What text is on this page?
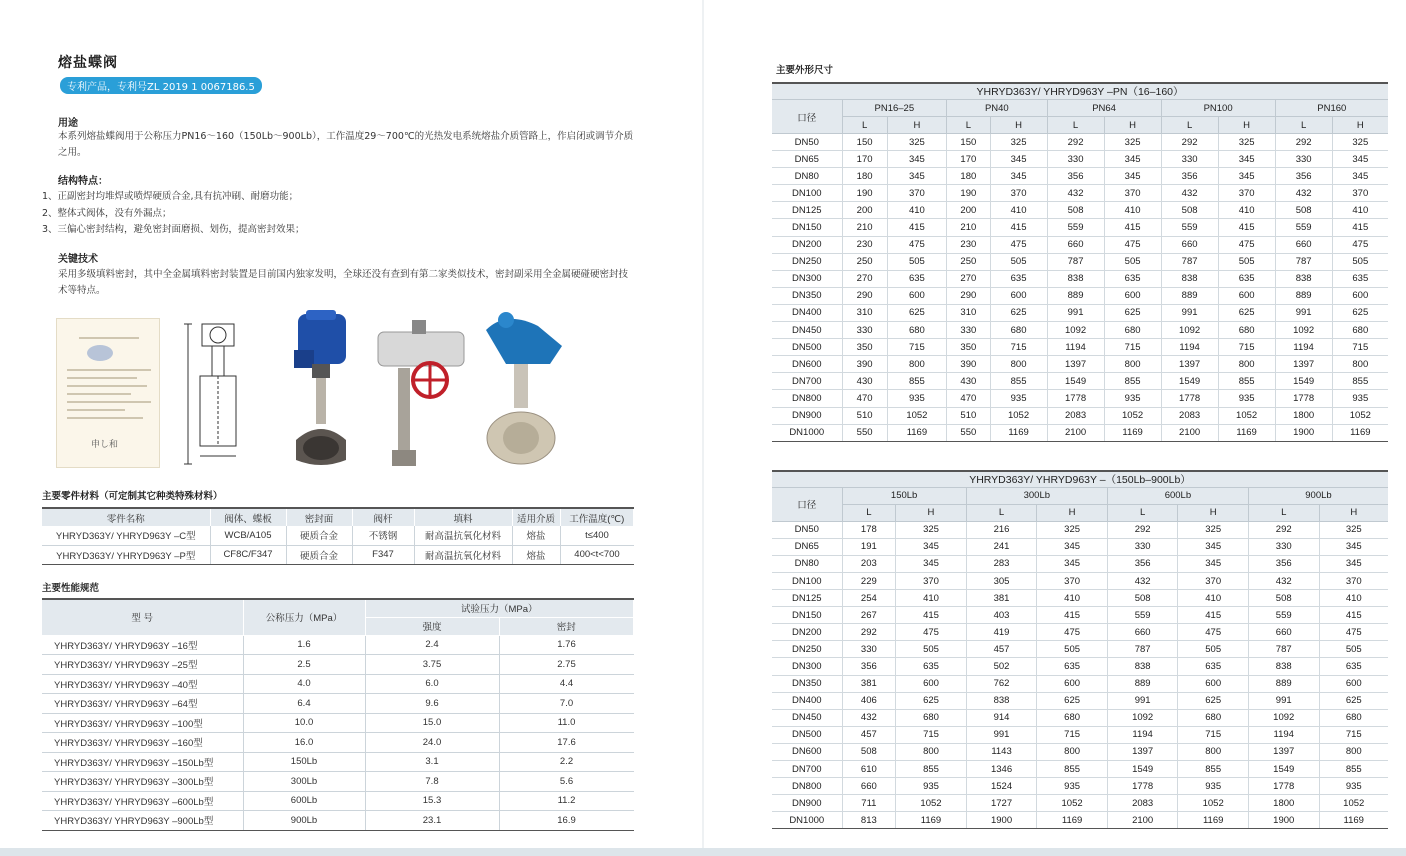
熔盐蝶阀
专利产品，专利号ZL 2019 1 0067186.5
用途
本系列熔盐蝶阀用于公称压力PN16～160（150Lb～900Lb），工作温度29～700℃的光热发电系统熔盐介质管路上，作启闭或调节介质之用。
结构特点：
1、正副密封均堆焊或喷焊硬质合金,具有抗冲刷、耐磨功能；
2、整体式阀体，没有外漏点；
3、三偏心密封结构，避免密封面磨损、划伤，提高密封效果；
关键技术
采用多级填料密封，其中全金属填料密封装置是目前国内独家发明，全球还没有查到有第二家类似技术，密封副采用全金属硬碰硬密封技术等特点。
申し和
主要零件材料（可定制其它种类特殊材料）
零件名称	阀体、蝶板	密封面	阀杆	填料	适用介质	工作温度(℃)
YHRYD363Y/ YHRYD963Y –C型	WCB/A105	硬质合金	不锈钢	耐高温抗氧化材料	熔盐	t≤400
YHRYD363Y/ YHRYD963Y –P型	CF8C/F347	硬质合金	F347	耐高温抗氧化材料	熔盐	400<t<700
主要性能规范
型 号	公称压力（MPa）	试验压力（MPa）	
		强度	密封
YHRYD363Y/ YHRYD963Y –16型	1.6	2.4	1.76
YHRYD363Y/ YHRYD963Y –25型	2.5	3.75	2.75
YHRYD363Y/ YHRYD963Y –40型	4.0	6.0	4.4
YHRYD363Y/ YHRYD963Y –64型	6.4	9.6	7.0
YHRYD363Y/ YHRYD963Y –100型	10.0	15.0	11.0
YHRYD363Y/ YHRYD963Y –160型	16.0	24.0	17.6
YHRYD363Y/ YHRYD963Y –150Lb型	150Lb	3.1	2.2
YHRYD363Y/ YHRYD963Y –300Lb型	300Lb	7.8	5.6
YHRYD363Y/ YHRYD963Y –600Lb型	600Lb	15.3	11.2
YHRYD363Y/ YHRYD963Y –900Lb型	900Lb	23.1	16.9
主要外形尺寸
YHRYD363Y/ YHRYD963Y –PN（16–160）										
口径	PN16–25		PN40		PN64		PN100		PN160	
	L	H	L	H	L	H	L	H	L	H
DN50	150	325	150	325	292	325	292	325	292	325
DN65	170	345	170	345	330	345	330	345	330	345
DN80	180	345	180	345	356	345	356	345	356	345
DN100	190	370	190	370	432	370	432	370	432	370
DN125	200	410	200	410	508	410	508	410	508	410
DN150	210	415	210	415	559	415	559	415	559	415
DN200	230	475	230	475	660	475	660	475	660	475
DN250	250	505	250	505	787	505	787	505	787	505
DN300	270	635	270	635	838	635	838	635	838	635
DN350	290	600	290	600	889	600	889	600	889	600
DN400	310	625	310	625	991	625	991	625	991	625
DN450	330	680	330	680	1092	680	1092	680	1092	680
DN500	350	715	350	715	1194	715	1194	715	1194	715
DN600	390	800	390	800	1397	800	1397	800	1397	800
DN700	430	855	430	855	1549	855	1549	855	1549	855
DN800	470	935	470	935	1778	935	1778	935	1778	935
DN900	510	1052	510	1052	2083	1052	2083	1052	1800	1052
DN1000	550	1169	550	1169	2100	1169	2100	1169	1900	1169
YHRYD363Y/ YHRYD963Y –（150Lb–900Lb）								
口径	150Lb		300Lb		600Lb		900Lb	
	L	H	L	H	L	H	L	H
DN50	178	325	216	325	292	325	292	325
DN65	191	345	241	345	330	345	330	345
DN80	203	345	283	345	356	345	356	345
DN100	229	370	305	370	432	370	432	370
DN125	254	410	381	410	508	410	508	410
DN150	267	415	403	415	559	415	559	415
DN200	292	475	419	475	660	475	660	475
DN250	330	505	457	505	787	505	787	505
DN300	356	635	502	635	838	635	838	635
DN350	381	600	762	600	889	600	889	600
DN400	406	625	838	625	991	625	991	625
DN450	432	680	914	680	1092	680	1092	680
DN500	457	715	991	715	1194	715	1194	715
DN600	508	800	1143	800	1397	800	1397	800
DN700	610	855	1346	855	1549	855	1549	855
DN800	660	935	1524	935	1778	935	1778	935
DN900	711	1052	1727	1052	2083	1052	1800	1052
DN1000	813	1169	1900	1169	2100	1169	1900	1169
